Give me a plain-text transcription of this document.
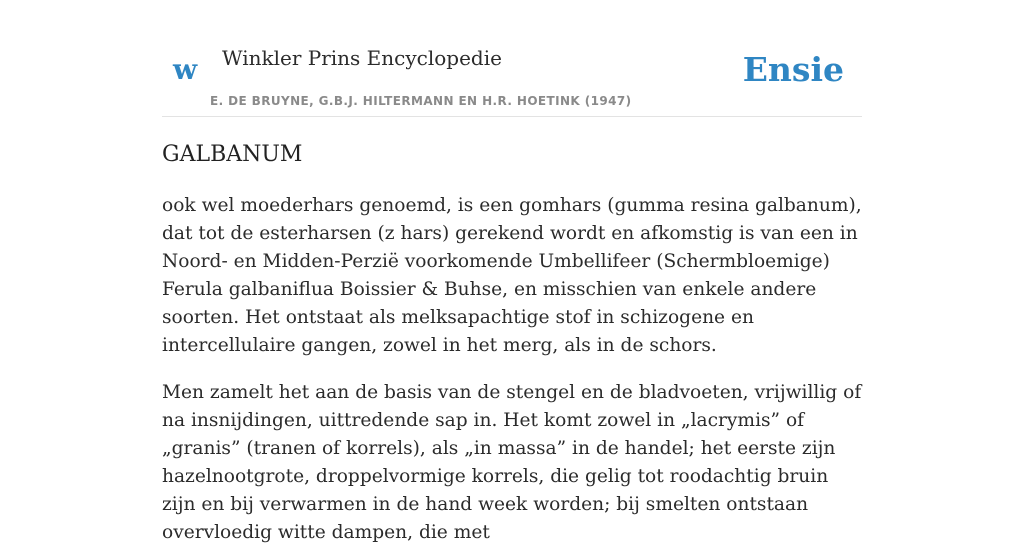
w Winkler Prins Encyclopedie
E. DE BRUYNE, G.B.J. HILTERMANN EN H.R. HOETINK (1947)
Ensie
GALBANUM

ook wel moederhars genoemd, is een gomhars (gumma resina galbanum), dat tot de esterharsen (z hars) gerekend wordt en afkomstig is van een in Noord- en Midden-Perzië voorkomende Umbellifeer (Schermbloemige) Ferula galbaniflua Boissier & Buhse, en misschien van enkele andere soorten. Het ontstaat als melksapachtige stof in schizogene en intercellulaire gangen, zowel in het merg, als in de schors.

Men zamelt het aan de basis van de stengel en de bladvoeten, vrijwillig of na insnijdingen, uittredende sap in. Het komt zowel in „lacrymis” of „granis” (tranen of korrels), als „in massa” in de handel; het eerste zijn hazelnootgrote, droppelvormige korrels, die gelig tot roodachtig bruin zijn en bij verwarmen in de hand week worden; bij smelten ontstaan overvloedig witte dampen, die met
